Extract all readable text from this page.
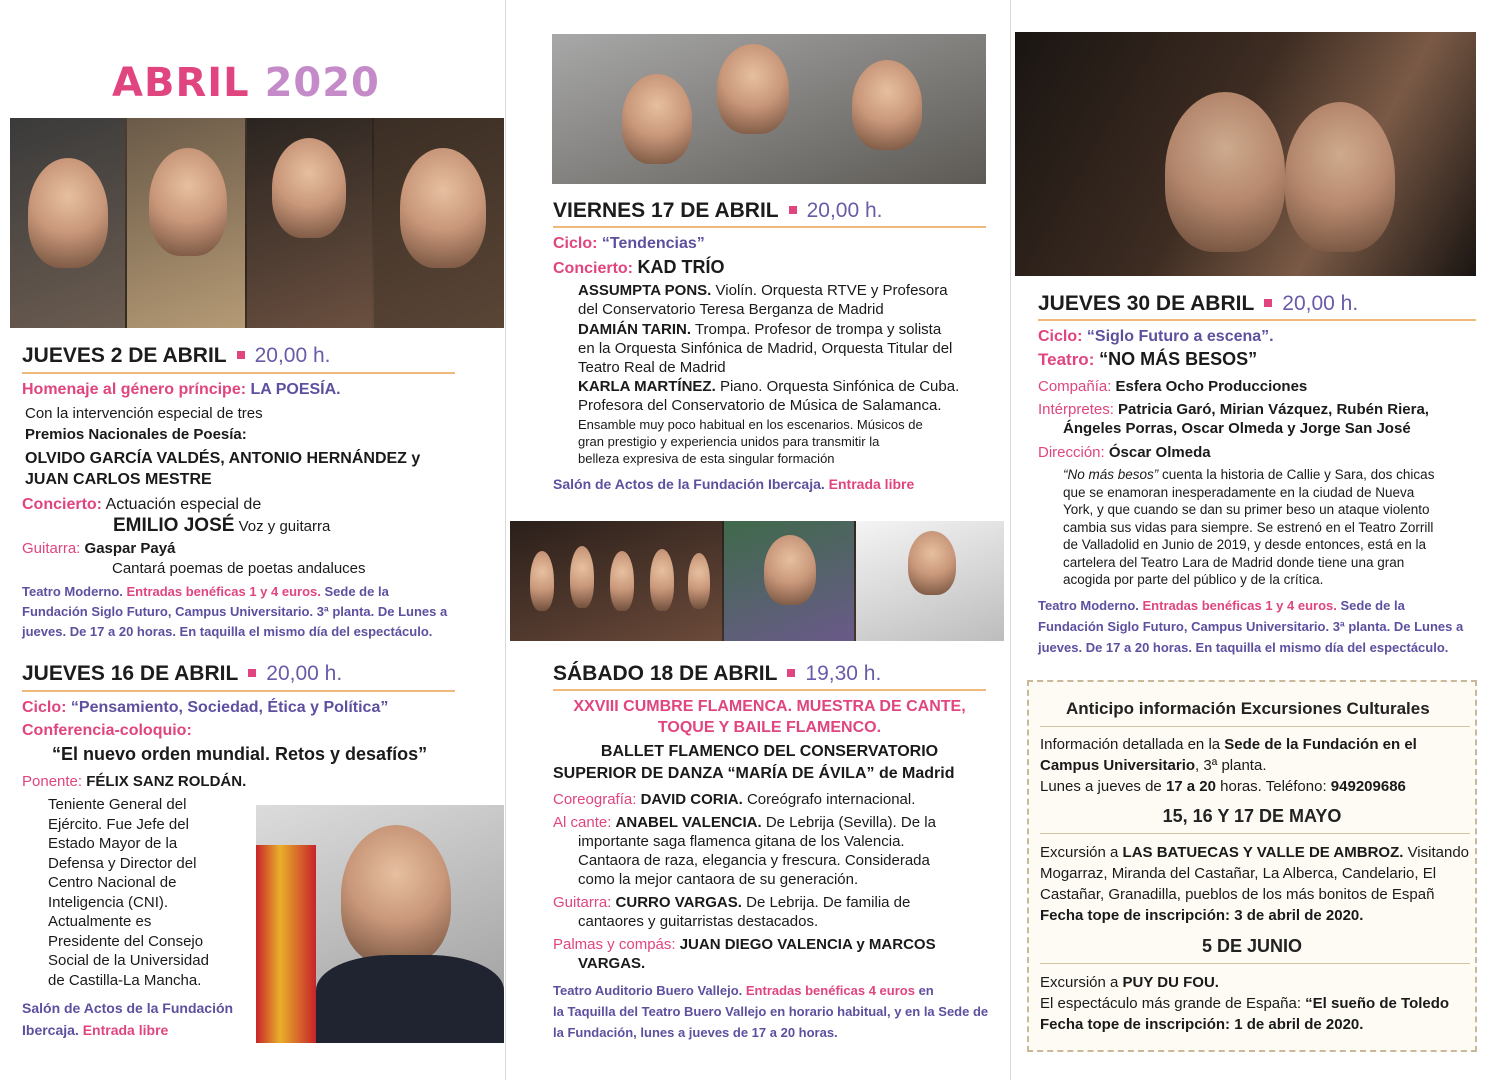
ABRIL 2020
JUEVES 2 DE ABRIL 20,00 h.
Homenaje al género príncipe: LA POESÍA.
Con la intervención especial de tres
Premios Nacionales de Poesía:
OLVIDO GARCÍA VALDÉS, ANTONIO HERNÁNDEZ y
JUAN CARLOS MESTRE
Concierto: Actuación especial de
EMILIO JOSÉ Voz y guitarra
Guitarra: Gaspar Payá
Cantará poemas de poetas andaluces
Teatro Moderno. Entradas benéficas 1 y 4 euros. Sede de la
Fundación Siglo Futuro, Campus Universitario. 3ª planta. De Lunes a
jueves. De 17 a 20 horas. En taquilla el mismo día del espectáculo.
JUEVES 16 DE ABRIL 20,00 h.
Ciclo: “Pensamiento, Sociedad, Ética y Política”
Conferencia-coloquio:
“El nuevo orden mundial. Retos y desafíos”
Ponente: FÉLIX SANZ ROLDÁN.
Teniente General del
Ejército. Fue Jefe del
Estado Mayor de la
Defensa y Director del
Centro Nacional de
Inteligencia (CNI).
Actualmente es
Presidente del Consejo
Social de la Universidad
de Castilla-La Mancha.
Salón de Actos de la Fundación
Ibercaja. Entrada libre
VIERNES 17 DE ABRIL 20,00 h.
Ciclo: “Tendencias”
Concierto: KAD TRÍO
ASSUMPTA PONS. Violín. Orquesta RTVE y Profesora
del Conservatorio Teresa Berganza de Madrid
DAMIÁN TARIN. Trompa. Profesor de trompa y solista
en la Orquesta Sinfónica de Madrid, Orquesta Titular del
Teatro Real de Madrid
KARLA MARTÍNEZ. Piano. Orquesta Sinfónica de Cuba.
Profesora del Conservatorio de Música de Salamanca.
Ensamble muy poco habitual en los escenarios. Músicos de
gran prestigio y experiencia unidos para transmitir la
belleza expresiva de esta singular formación
Salón de Actos de la Fundación Ibercaja. Entrada libre
SÁBADO 18 DE ABRIL 19,30 h.
XXVIII CUMBRE FLAMENCA. MUESTRA DE CANTE,
TOQUE Y BAILE FLAMENCO.
BALLET FLAMENCO DEL CONSERVATORIO
SUPERIOR DE DANZA “MARÍA DE ÁVILA” de Madrid
Coreografía: DAVID CORIA. Coreógrafo internacional.
Al cante: ANABEL VALENCIA. De Lebrija (Sevilla). De la
importante saga flamenca gitana de los Valencia.
Cantaora de raza, elegancia y frescura. Considerada
como la mejor cantaora de su generación.
Guitarra: CURRO VARGAS. De Lebrija. De familia de
cantaores y guitarristas destacados.
Palmas y compás: JUAN DIEGO VALENCIA y MARCOS
VARGAS.
Teatro Auditorio Buero Vallejo. Entradas benéficas 4 euros en
la Taquilla del Teatro Buero Vallejo en horario habitual, y en la Sede de
la Fundación, lunes a jueves de 17 a 20 horas.
JUEVES 30 DE ABRIL 20,00 h.
Ciclo: “Siglo Futuro a escena”.
Teatro: “NO MÁS BESOS”
Compañía: Esfera Ocho Producciones
Intérpretes: Patricia Garó, Mirian Vázquez, Rubén Riera,
Ángeles Porras, Oscar Olmeda y Jorge San José
Dirección: Óscar Olmeda
“No más besos” cuenta la historia de Callie y Sara, dos chicas
que se enamoran inesperadamente en la ciudad de Nueva
York, y que cuando se dan su primer beso un ataque violento
cambia sus vidas para siempre. Se estrenó en el Teatro Zorrill
de Valladolid en Junio de 2019, y desde entonces, está en la
cartelera del Teatro Lara de Madrid donde tiene una gran
acogida por parte del público y de la crítica.
Teatro Moderno. Entradas benéficas 1 y 4 euros. Sede de la
Fundación Siglo Futuro, Campus Universitario. 3ª planta. De Lunes a
jueves. De 17 a 20 horas. En taquilla el mismo día del espectáculo.
Anticipo información Excursiones Culturales
Información detallada en la Sede de la Fundación en el
Campus Universitario, 3ª planta.
Lunes a jueves de 17 a 20 horas. Teléfono: 949209686
15, 16 Y 17 DE MAYO
Excursión a LAS BATUECAS Y VALLE DE AMBROZ. Visitando
Mogarraz, Miranda del Castañar, La Alberca, Candelario, El
Castañar, Granadilla, pueblos de los más bonitos de Españ
Fecha tope de inscripción: 3 de abril de 2020.
5 DE JUNIO
Excursión a PUY DU FOU.
El espectáculo más grande de España: “El sueño de Toledo
Fecha tope de inscripción: 1 de abril de 2020.
